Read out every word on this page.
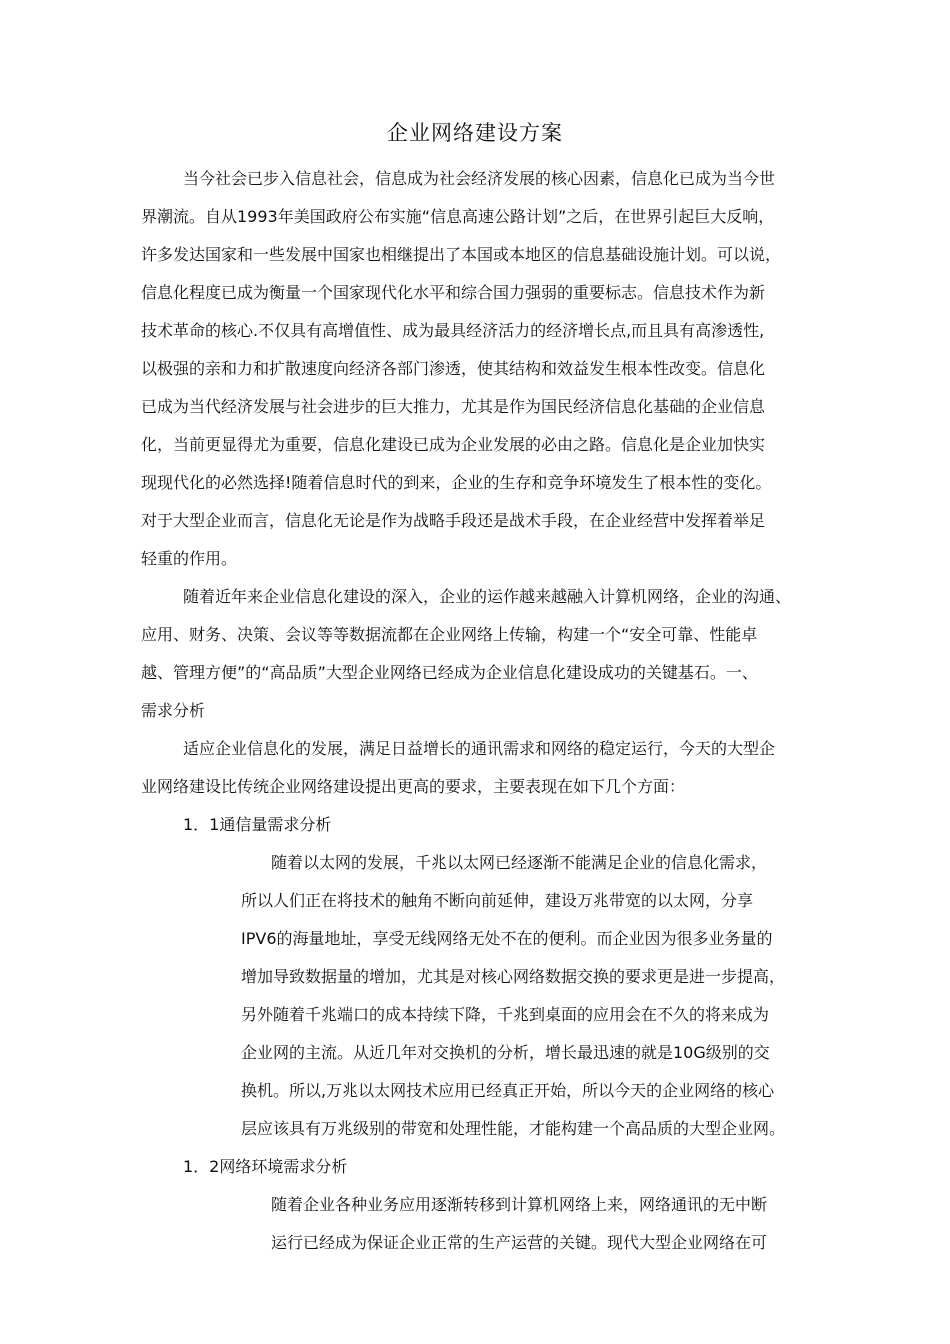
企业网络建设方案
当今社会已步入信息社会，信息成为社会经济发展的核心因素，信息化已成为当今世
界潮流。自从1993年美国政府公布实施“信息高速公路计划”之后，在世界引起巨大反响，
许多发达国家和一些发展中国家也相继提出了本国或本地区的信息基础设施计划。可以说，
信息化程度已成为衡量一个国家现代化水平和综合国力强弱的重要标志。信息技术作为新
技术革命的核心.不仅具有高增值性、成为最具经济活力的经济增长点,而且具有高渗透性,
以极强的亲和力和扩散速度向经济各部门渗透，使其结构和效益发生根本性改变。信息化
已成为当代经济发展与社会进步的巨大推力，尤其是作为国民经济信息化基础的企业信息
化，当前更显得尤为重要，信息化建设已成为企业发展的必由之路。信息化是企业加快实
现现代化的必然选择!随着信息时代的到来，企业的生存和竞争环境发生了根本性的变化。
对于大型企业而言，信息化无论是作为战略手段还是战术手段，在企业经营中发挥着举足
轻重的作用。
随着近年来企业信息化建设的深入，企业的运作越来越融入计算机网络，企业的沟通、
应用、财务、决策、会议等等数据流都在企业网络上传输，构建一个“安全可靠、性能卓
越、管理方便”的“高品质”大型企业网络已经成为企业信息化建设成功的关键基石。一、
需求分析
适应企业信息化的发展，满足日益增长的通讯需求和网络的稳定运行，今天的大型企
业网络建设比传统企业网络建设提出更高的要求，主要表现在如下几个方面：
1．1通信量需求分析
随着以太网的发展，千兆以太网已经逐渐不能满足企业的信息化需求，
所以人们正在将技术的触角不断向前延伸，建设万兆带宽的以太网，分享
IPV6的海量地址，享受无线网络无处不在的便利。而企业因为很多业务量的
增加导致数据量的增加，尤其是对核心网络数据交换的要求更是进一步提高，
另外随着千兆端口的成本持续下降，千兆到桌面的应用会在不久的将来成为
企业网的主流。从近几年对交换机的分析，增长最迅速的就是10G级别的交
换机。所以,万兆以太网技术应用已经真正开始，所以今天的企业网络的核心
层应该具有万兆级别的带宽和处理性能，才能构建一个高品质的大型企业网。
1．2网络环境需求分析
随着企业各种业务应用逐渐转移到计算机网络上来，网络通讯的无中断
运行已经成为保证企业正常的生产运营的关键。现代大型企业网络在可
